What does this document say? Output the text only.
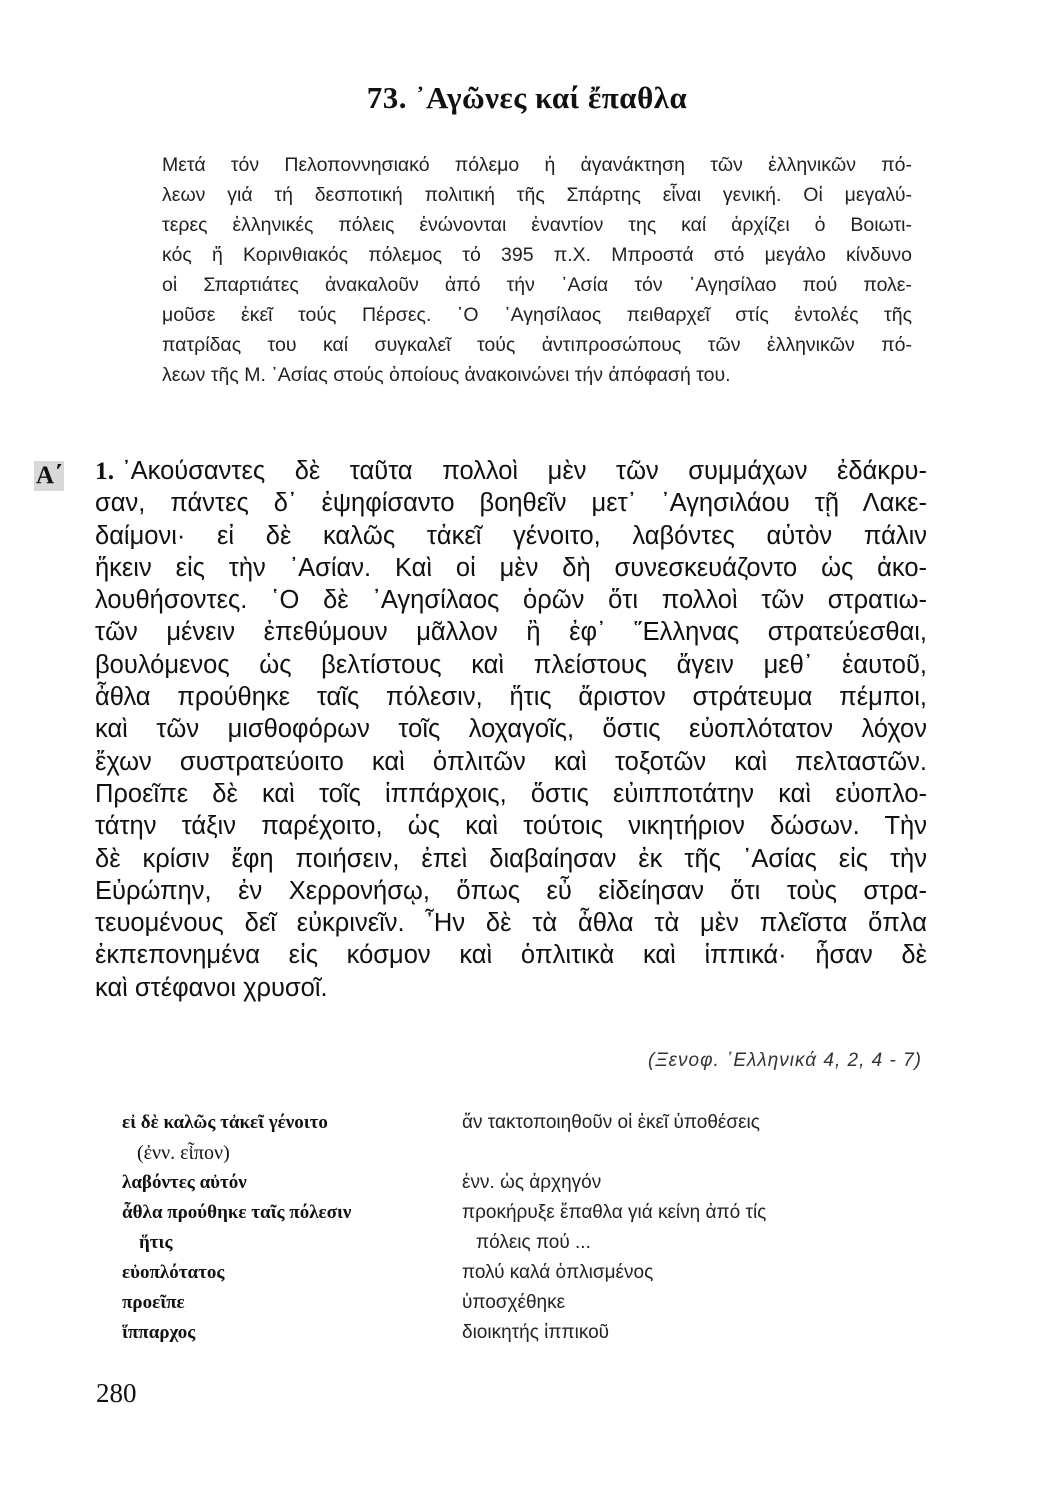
73. ᾿Αγῶνες καί ἔπαθλα
Μετά τόν Πελοποννησιακό πόλεμο ἡ ἀγανάκτηση τῶν ἑλληνικῶν πό-
λεων γιά τή δεσποτική πολιτική τῆς Σπάρτης εἶναι γενική. Οἱ μεγαλύ-
τερες ἑλληνικές πόλεις ἑνώνονται ἐναντίον της καί ἀρχίζει ὁ Βοιωτι-
κός ἤ Κορινθιακός πόλεμος τό 395 π.Χ. Μπροστά στό μεγάλο κίνδυνο
οἱ Σπαρτιάτες ἀνακαλοῦν ἀπό τήν ᾿Ασία τόν ᾿Αγησίλαο πού πολε-
μοῦσε ἐκεῖ τούς Πέρσες. ῾Ο ᾿Αγησίλαος πειθαρχεῖ στίς ἐντολές τῆς
πατρίδας του καί συγκαλεῖ τούς ἀντιπροσώπους τῶν ἑλληνικῶν πό-
λεων τῆς Μ. ᾿Ασίας στούς ὁποίους ἀνακοινώνει τήν ἀπόφασή του.
Α΄ 1. ᾿Ακούσαντες δὲ ταῦτα πολλοὶ μὲν τῶν συμμάχων ἐδάκρυ-
σαν, πάντες δ᾿ ἐψηφίσαντο βοηθεῖν μετ᾿ ᾿Αγησιλάου τῇ Λακε-
δαίμονι· εἰ δὲ καλῶς τἀκεῖ γένοιτο, λαβόντες αὐτὸν πάλιν
ἥκειν εἰς τὴν ᾿Ασίαν. Καὶ οἱ μὲν δὴ συνεσκευάζοντο ὡς ἀκο-
λουθήσοντες. ῾Ο δὲ ᾿Αγησίλαος ὁρῶν ὅτι πολλοὶ τῶν στρατιω-
τῶν μένειν ἐπεθύμουν μᾶλλον ἢ ἐφ᾿ ῞Ελληνας στρατεύεσθαι,
βουλόμενος ὡς βελτίστους καὶ πλείστους ἄγειν μεθ᾿ ἑαυτοῦ,
ἆθλα προύθηκε ταῖς πόλεσιν, ἥτις ἄριστον στράτευμα πέμποι,
καὶ τῶν μισθοφόρων τοῖς λοχαγοῖς, ὅστις εὐοπλότατον λόχον
ἔχων συστρατεύοιτο καὶ ὁπλιτῶν καὶ τοξοτῶν καὶ πελταστῶν.
Προεῖπε δὲ καὶ τοῖς ἱππάρχοις, ὅστις εὐιπποτάτην καὶ εὐοπλο-
τάτην τάξιν παρέχοιτο, ὡς καὶ τούτοις νικητήριον δώσων. Τὴν
δὲ κρίσιν ἔφη ποιήσειν, ἐπεὶ διαβαίησαν ἐκ τῆς ᾿Ασίας εἰς τὴν
Εὐρώπην, ἐν Χερρονήσῳ, ὅπως εὖ εἰδείησαν ὅτι τοὺς στρα-
τευομένους δεῖ εὐκρινεῖν. ῏Ην δὲ τὰ ἆθλα τὰ μὲν πλεῖστα ὅπλα
ἐκπεπονημένα εἰς κόσμον καὶ ὁπλιτικὰ καὶ ἱππικά· ἦσαν δὲ
καὶ στέφανοι χρυσοῖ.
(Ξενοφ. ῾Ελληνικά 4, 2, 4 - 7)
εἰ δὲ καλῶς τἀκεῖ γένοιτο
(ἐνν. εἶπον)
λαβόντες αὐτόν
ἆθλα προύθηκε ταῖς πόλεσιν
ἥτις
εὐοπλότατος
προεῖπε
ἵππαρχος
ἄν τακτοποιηθοῦν οἱ ἐκεῖ ὑποθέσεις
ἐνν. ὡς ἀρχηγόν
προκήρυξε ἔπαθλα γιά κείνη ἀπό τίς
πόλεις πού ...
πολύ καλά ὁπλισμένος
ὑποσχέθηκε
διοικητής ἱππικοῦ
280
